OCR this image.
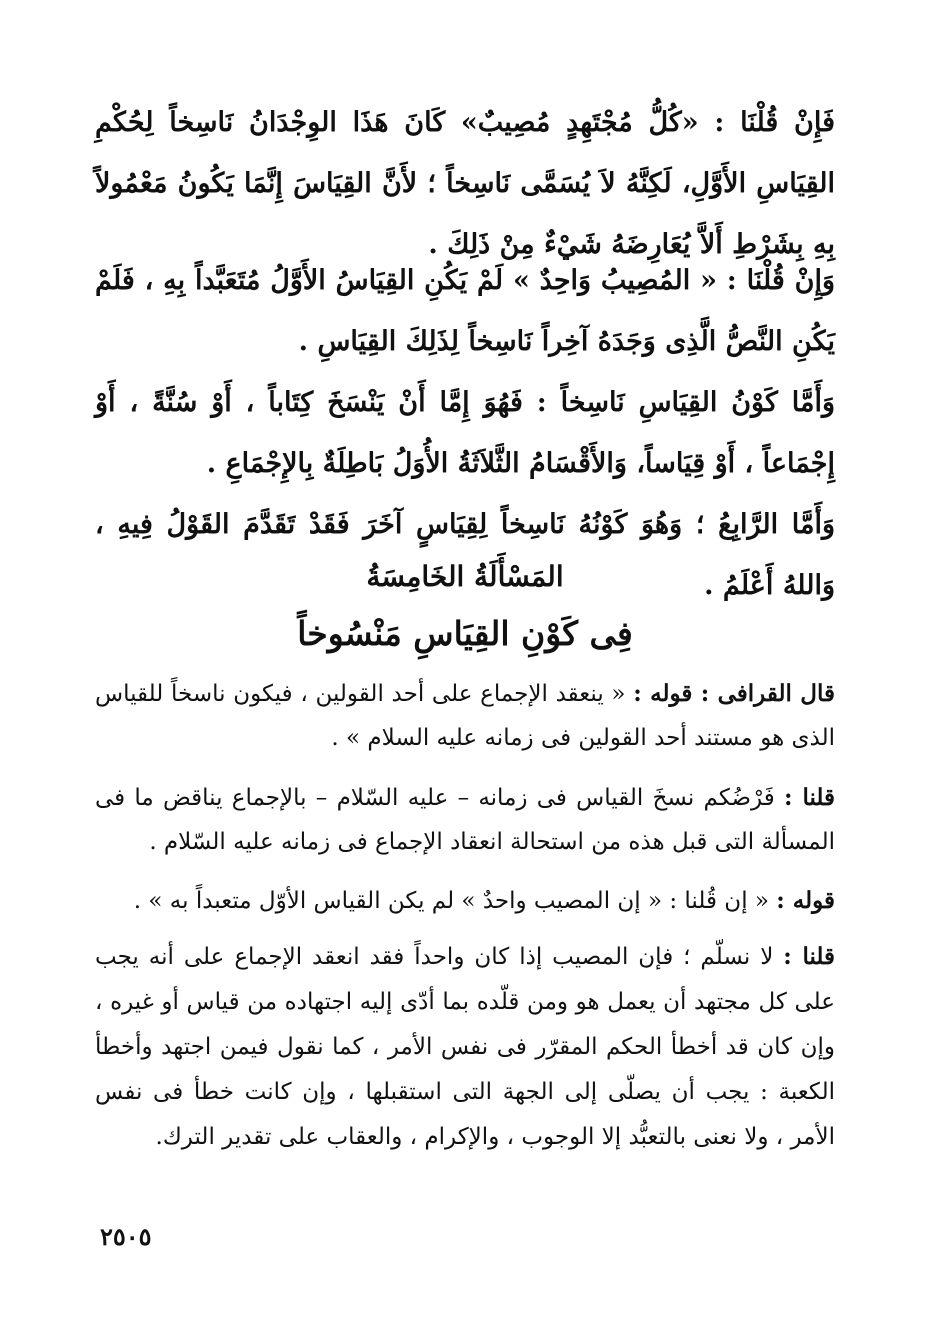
فَإِنْ قُلْنَا : «كُلُّ مُجْتَهِدٍ مُصِيبٌ» كَانَ هَذَا الوِجْدَانُ نَاسِخاً لِحُكْمِ القِيَاسِ الأَوَّلِ، لَكِنَّهُ لاَ يُسَمَّى نَاسِخاً ؛ لأَنَّ القِيَاسَ إِنَّمَا يَكُونُ مَعْمُولاً بِهِ بِشَرْطِ أَلاَّ يُعَارِضَهُ شَيْءٌ مِنْ ذَلِكَ .

وَإِنْ قُلْنَا : « المُصِيبُ وَاحِدٌ » لَمْ يَكُنِ القِيَاسُ الأَوَّلُ مُتَعَبَّداً بِهِ ، فَلَمْ يَكُنِ النَّصُّ الَّذِى وَجَدَهُ آخِراً نَاسِخاً لِذَلِكَ القِيَاسِ .

وَأَمَّا كَوْنُ القِيَاسِ نَاسِخاً : فَهُوَ إِمَّا أَنْ يَنْسَخَ كِتَاباً ، أَوْ سُنَّةً ، أَوْ إِجْمَاعاً ، أَوْ قِيَاساً، وَالأَقْسَامُ الثَّلاَثَةُ الأُوَلُ بَاطِلَةٌ بِالإِجْمَاعِ .

وَأَمَّا الرَّابِعُ ؛ وَهُوَ كَوْنُهُ نَاسِخاً لِقِيَاسٍ آخَرَ فَقَدْ تَقَدَّمَ القَوْلُ فِيهِ ، وَاللهُ أَعْلَمُ .

المَسْأَلَةُ الخَامِسَةُ
فِى كَوْنِ القِيَاسِ مَنْسُوخاً

قال القرافى : قوله : « ينعقد الإجماع على أحد القولين ، فيكون ناسخاً للقياس الذى هو مستند أحد القولين فى زمانه عليه السلام » .

قلنا : فَرْضُكم نسخَ القياس فى زمانه – عليه السّلام – بالإجماع يناقض ما فى المسألة التى قبل هذه من استحالة انعقاد الإجماع فى زمانه عليه السّلام .

قوله : « إن قُلنا : « إن المصيب واحدٌ » لم يكن القياس الأوّل متعبداً به » .

قلنا : لا نسلّم ؛ فإن المصيب إذا كان واحداً فقد انعقد الإجماع على أنه يجب على كل مجتهد أن يعمل هو ومن قلّده بما أدّى إليه اجتهاده من قياس أو غيره ، وإن كان قد أخطأ الحكم المقرّر فى نفس الأمر ، كما نقول فيمن اجتهد وأخطأ الكعبة : يجب أن يصلّى إلى الجهة التى استقبلها ، وإن كانت خطأ فى نفس الأمر ، ولا نعنى بالتعبُّد إلا الوجوب ، والإكرام ، والعقاب على تقدير الترك.

٢٥٠٥
